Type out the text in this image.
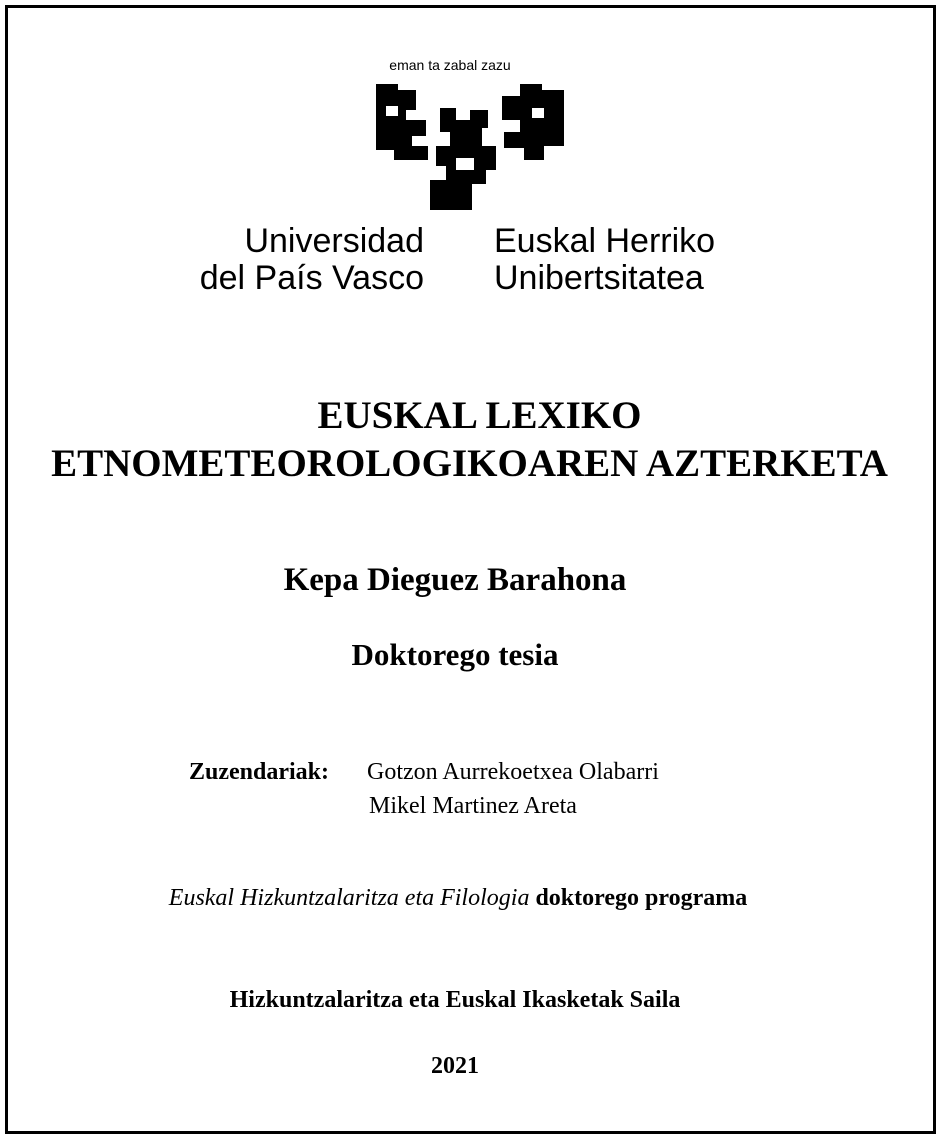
eman ta zabal zazu
Universidad
del País Vasco
Euskal Herriko
Unibertsitatea
EUSKAL LEXIKO
ETNOMETEOROLOGIKOAREN AZTERKETA
Kepa Dieguez Barahona
Doktorego tesia
Zuzendariak: Gotzon Aurrekoetxea Olabarri
Mikel Martinez Areta
Euskal Hizkuntzalaritza eta Filologia doktorego programa
Hizkuntzalaritza eta Euskal Ikasketak Saila
2021
